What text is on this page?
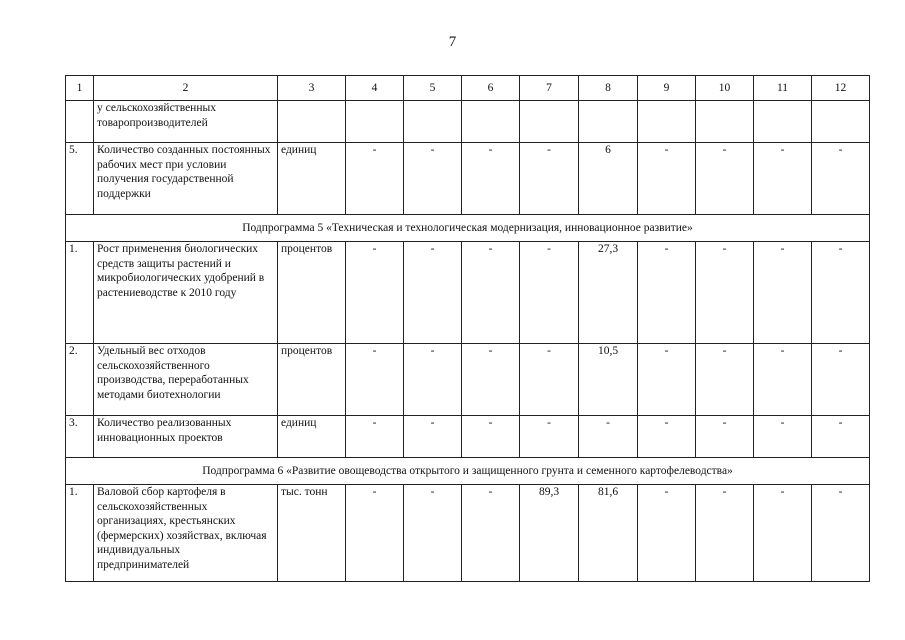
7
1	2	3	4	5	6	7	8	9	10	11	12
	у сельскохозяйственных товаропроизводителей										
5.	Количество созданных постоянных рабочих мест при условии получения государственной поддержки	единиц	-	-	-	-	6	-	-	-	-
Подпрограмма 5 «Техническая и технологическая модернизация, инновационное развитие»											
1.	Рост применения биологических средств защиты растений и микробиологических удобрений в растениеводстве к 2010 году	процентов	-	-	-	-	27,3	-	-	-	-
2.	Удельный вес отходов сельскохозяйственного производства, переработанных методами биотехнологии	процентов	-	-	-	-	10,5	-	-	-	-
3.	Количество реализованных инновационных проектов	единиц	-	-	-	-	-	-	-	-	-
Подпрограмма 6 «Развитие овощеводства открытого и защищенного грунта и семенного картофелеводства»											
1.	Валовой сбор картофеля в сельскохозяйственных организациях, крестьянских (фермерских) хозяйствах, включая индивидуальных предпринимателей	тыс. тонн	-	-	-	89,3	81,6	-	-	-	-
